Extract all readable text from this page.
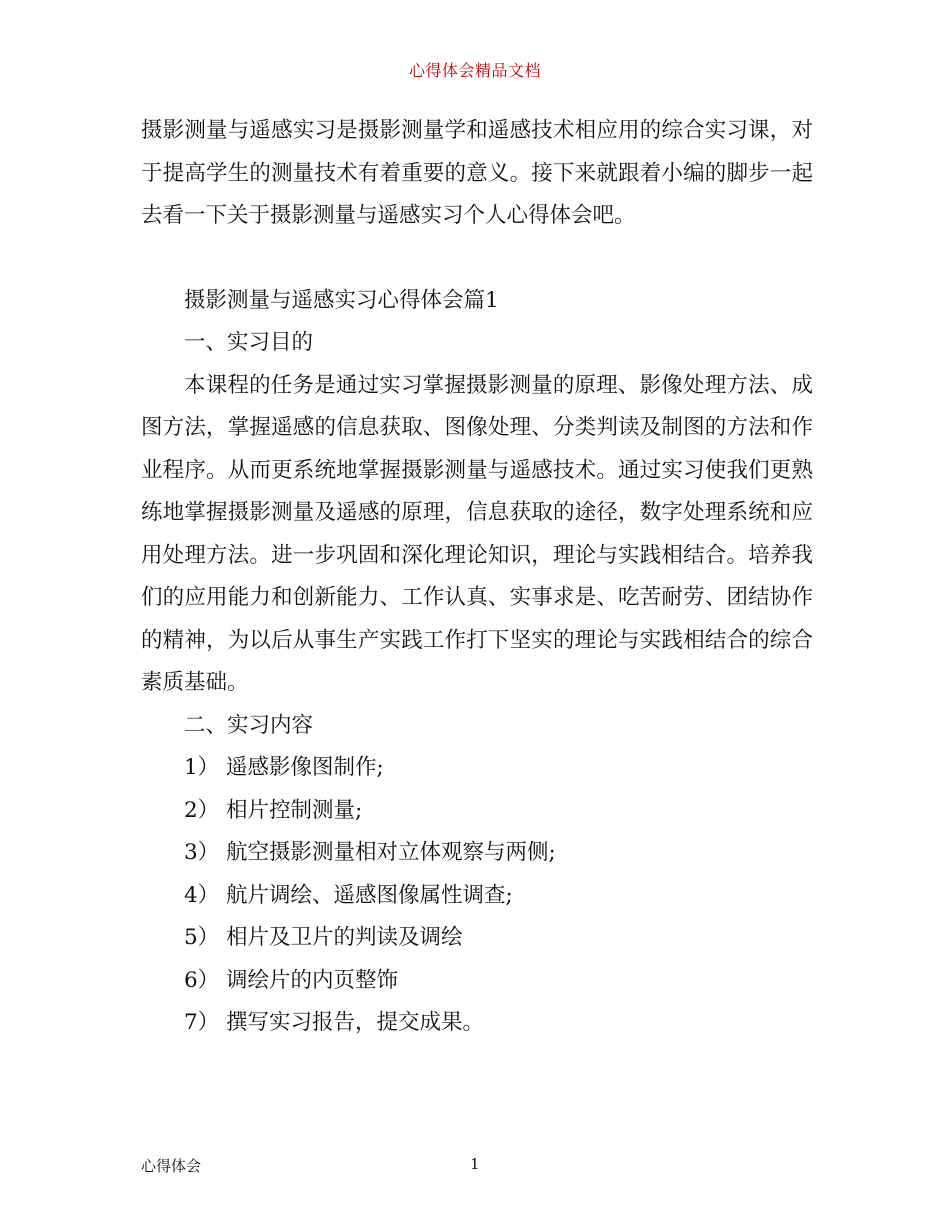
心得体会精品文档

摄影测量与遥感实习是摄影测量学和遥感技术相应用的综合实习课，对于提高学生的测量技术有着重要的意义。接下来就跟着小编的脚步一起去看一下关于摄影测量与遥感实习个人心得体会吧。

摄影测量与遥感实习心得体会篇1

一、实习目的

本课程的任务是通过实习掌握摄影测量的原理、影像处理方法、成图方法，掌握遥感的信息获取、图像处理、分类判读及制图的方法和作业程序。从而更系统地掌握摄影测量与遥感技术。通过实习使我们更熟练地掌握摄影测量及遥感的原理，信息获取的途径，数字处理系统和应用处理方法。进一步巩固和深化理论知识，理论与实践相结合。培养我们的应用能力和创新能力、工作认真、实事求是、吃苦耐劳、团结协作的精神，为以后从事生产实践工作打下坚实的理论与实践相结合的综合素质基础。

二、实习内容

1） 遥感影像图制作;

2） 相片控制测量;

3） 航空摄影测量相对立体观察与两侧;

4） 航片调绘、遥感图像属性调查;

5） 相片及卫片的判读及调绘

6） 调绘片的内页整饰

7） 撰写实习报告，提交成果。

心得体会	1
